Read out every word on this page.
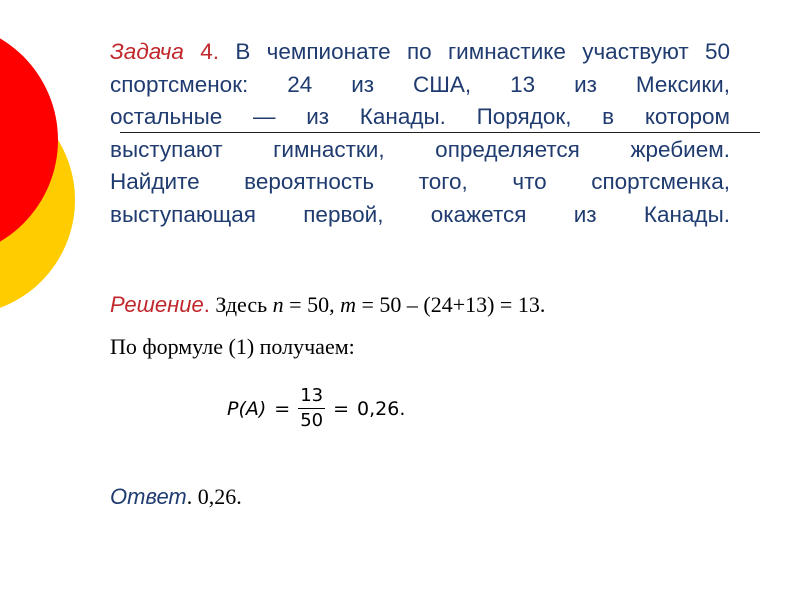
Задача 4. В чемпионате по гимнастике участвуют 50
спортсменок: 24 из США, 13 из Мексики,
остальные — из Канады. Порядок, в котором
выступают гимнастки, определяется жребием.
Найдите вероятность того, что спортсменка,
выступающая первой, окажется из Канады.

Решение. Здесь n = 50, m = 50 – (24+13) = 13.

По формуле (1) получаем:

$P(A) = \frac{13}{50} = 0,26$.

Ответ. 0,26.
